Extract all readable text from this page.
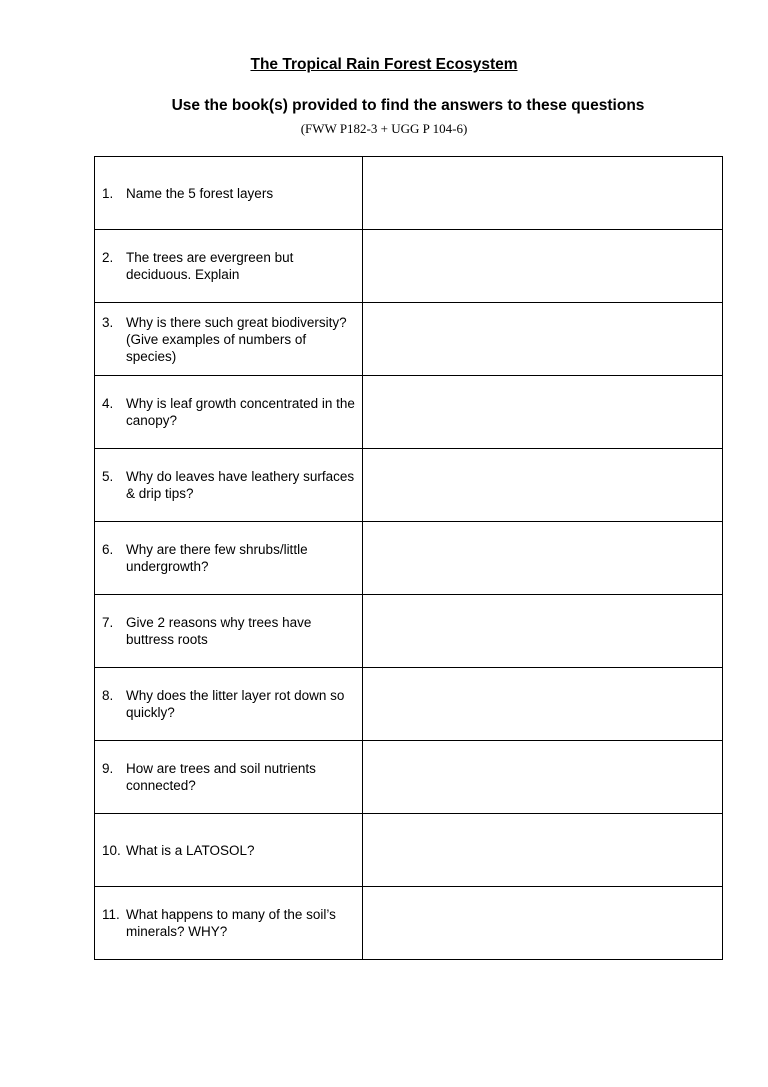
The Tropical Rain Forest Ecosystem
Use the book(s) provided to find the answers to these questions
(FWW P182-3 + UGG P 104-6)
1. Name the 5 forest layers	

2. The trees are evergreen but deciduous. Explain	

3. Why is there such great biodiversity? (Give examples of numbers of species)	

4. Why is leaf growth concentrated in the canopy?	

5. Why do leaves have leathery surfaces & drip tips?	

6. Why are there few shrubs/little undergrowth?	

7. Give 2 reasons why trees have buttress roots	

8. Why does the litter layer rot down so quickly?	

9. How are trees and soil nutrients connected?	

10. What is a LATOSOL?	

11. What happens to many of the soil’s minerals? WHY?	
